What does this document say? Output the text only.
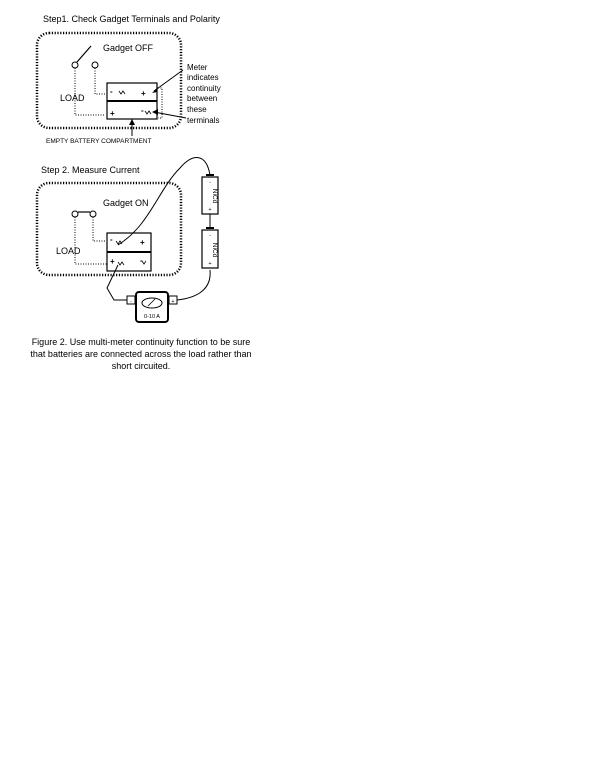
Step1. Check Gadget Terminals and Polarity
Gadget OFF
LOAD
-	+
+	-
Meter
indicates
continuity
between
these
terminals
EMPTY BATTERY COMPARTMENT
Step 2. Measure Current
Gadget ON
LOAD
-	+
+	-
-
NiCd
+
-
NiCd
+
-
0-10 A
+
Figure 2. Use multi-meter continuity function to be sure
that batteries are connected across the load rather than
short circuited.
